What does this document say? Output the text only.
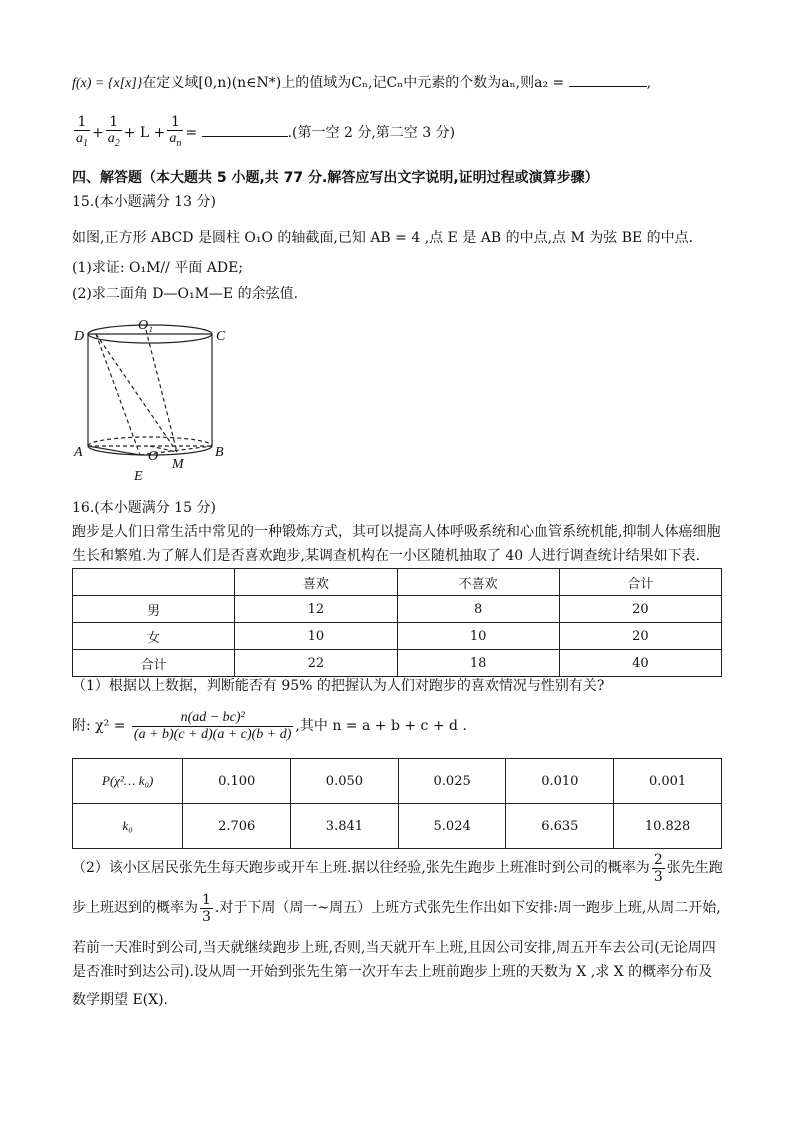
f(x) = {x[x]}在定义域[0,n)(n∈N*)上的值域为Cₙ,记Cₙ中元素的个数为aₙ,则a₂ =	,
$\frac{1}{a_1} + \frac{1}{a_2} + L + \frac{1}{a_n}$ =	.(第一空 2 分,第二空 3 分)
四、解答题（本大题共 5 小题,共 77 分.解答应写出文字说明,证明过程或演算步骤）
15.(本小题满分 13 分)
如图,正方形 ABCD 是圆柱 O₁O 的轴截面,已知 AB = 4 ,点 E 是 AB 的中点,点 M 为弦 BE 的中点.
(1)求证: O₁M// 平面 ADE;
(2)求二面角 D—O₁M—E 的余弦值.
D
O₁
C
A	O
M
B
E
16.(本小题满分 15 分)
跑步是人们日常生活中常见的一种锻炼方式，其可以提高人体呼吸系统和心血管系统机能,抑制人体癌细胞
生长和繁殖.为了解人们是否喜欢跑步,某调查机构在一小区随机抽取了 40 人进行调查统计结果如下表.
	喜欢	不喜欢	合计
男	12	8	20
女	10	10	20
合计	22	18	40
（1）根据以上数据，判断能否有 95% 的把握认为人们对跑步的喜欢情况与性别有关?
附: $\chi^2 = \frac{\text{n(ad − bc)²}}{(a + b)(c + d)(a + c)(b + d)}$ ,其中 n = a + b + c + d .
P(χ²… k₀)	0.100	0.050	0.025	0.010	0.001
k₀	2.706	3.841	5.024	6.635	10.828
（2）该小区居民张先生每天跑步或开车上班.据以往经验,张先生跑步上班准时到公司的概率为 $\frac{2}{3}$ 张先生跑
步上班迟到的概率为 $\frac{1}{3}$ .对于下周（周一~周五）上班方式张先生作出如下安排:周一跑步上班,从周二开始,
若前一天准时到公司,当天就继续跑步上班,否则,当天就开车上班,且因公司安排,周五开车去公司(无论周四
是否准时到达公司).设从周一开始到张先生第一次开车去上班前跑步上班的天数为 X ,求 X 的概率分布及
数学期望 E(X).
